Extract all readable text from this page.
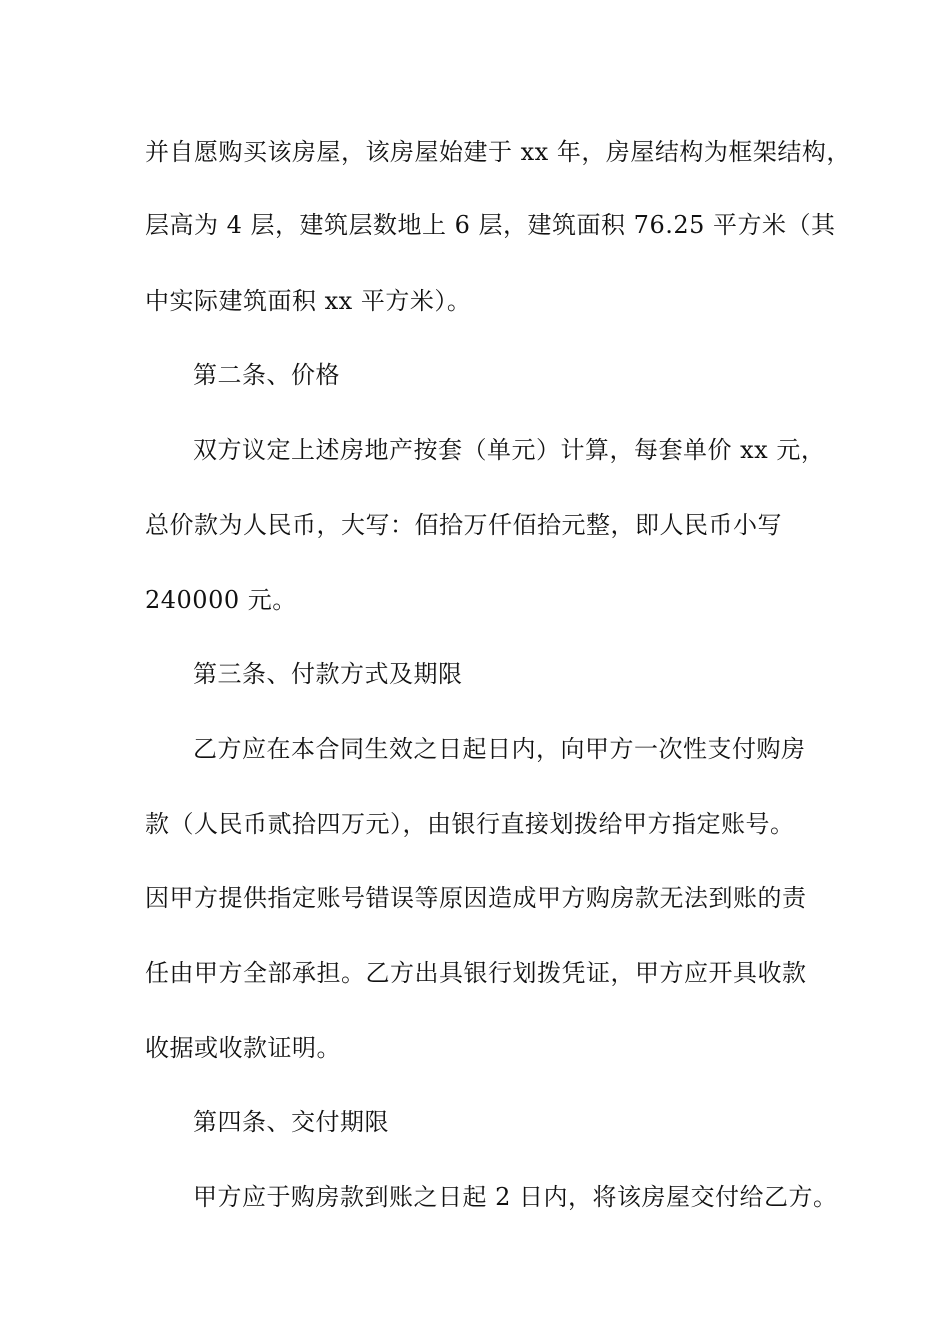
并自愿购买该房屋，该房屋始建于 xx 年，房屋结构为框架结构，
层高为 4 层，建筑层数地上 6 层，建筑面积 76.25 平方米（其
中实际建筑面积 xx 平方米）。
第二条、价格
双方议定上述房地产按套（单元）计算，每套单价 xx 元，
总价款为人民币，大写：佰拾万仟佰拾元整，即人民币小写
240000 元。
第三条、付款方式及期限
乙方应在本合同生效之日起日内，向甲方一次性支付购房
款（人民币贰拾四万元），由银行直接划拨给甲方指定账号。
因甲方提供指定账号错误等原因造成甲方购房款无法到账的责
任由甲方全部承担。乙方出具银行划拨凭证，甲方应开具收款
收据或收款证明。
第四条、交付期限
甲方应于购房款到账之日起 2 日内，将该房屋交付给乙方。
